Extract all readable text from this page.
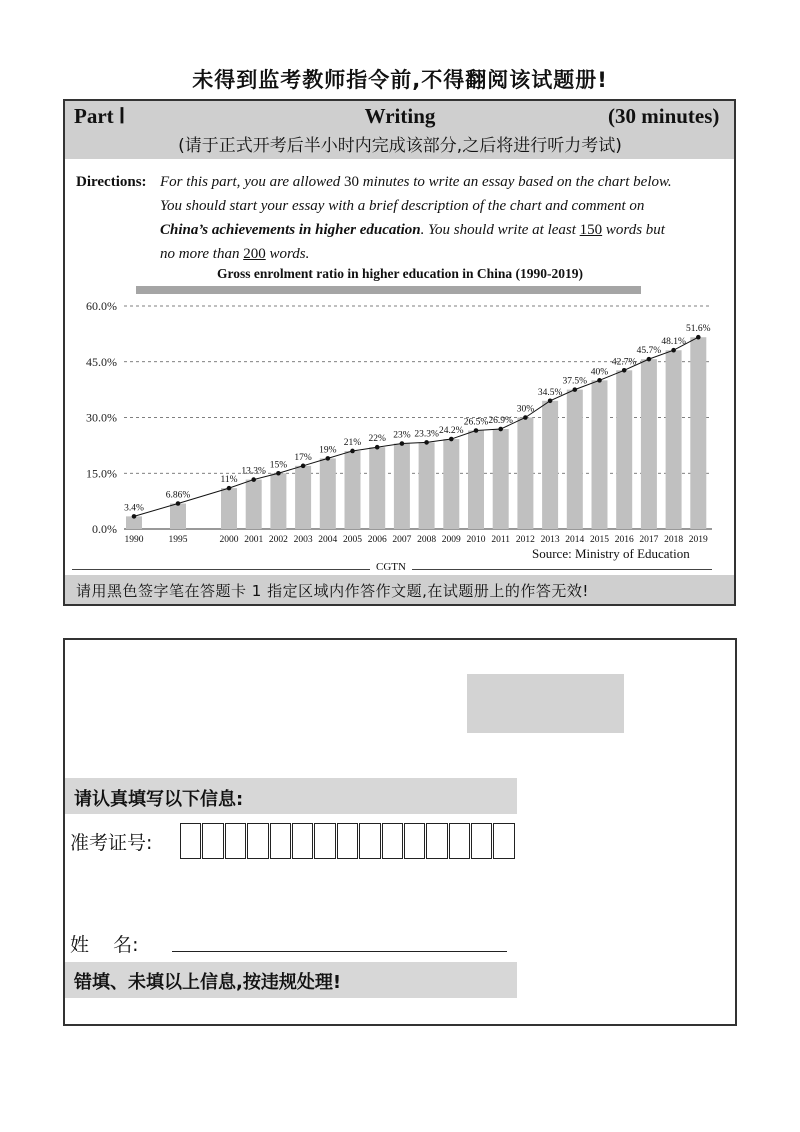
未得到监考教师指令前,不得翻阅该试题册!
Part Ⅰ	Writing	(30 minutes)
(请于正式开考后半小时内完成该部分,之后将进行听力考试)
Directions: For this part, you are allowed 30 minutes to write an essay based on the chart below.
You should start your essay with a brief description of the chart and comment on
China’s achievements in higher education. You should write at least 150 words but
no more than 200 words.
Gross enrolment ratio in higher education in China (1990-2019)
0.0%
15.0%
30.0%
45.0%
60.0%
3.4%
1990
6.86%
1995
11%
2000
13.3%
2001
15%
2002
17%
2003
19%
2004
21%
2005
22%
2006
23%
2007
23.3%
2008
24.2%
2009
26.5%
2010
26.9%
2011
30%
2012
34.5%
2013
37.5%
2014
40%
2015
42.7%
2016
45.7%
2017
48.1%
2018
51.6%
2019
Source: Ministry of Education
CGTN
请用黑色签字笔在答题卡 1 指定区域内作答作文题,在试题册上的作答无效!
请认真填写以下信息:
准考证号:
姓    名:
错填、未填以上信息,按违规处理!
